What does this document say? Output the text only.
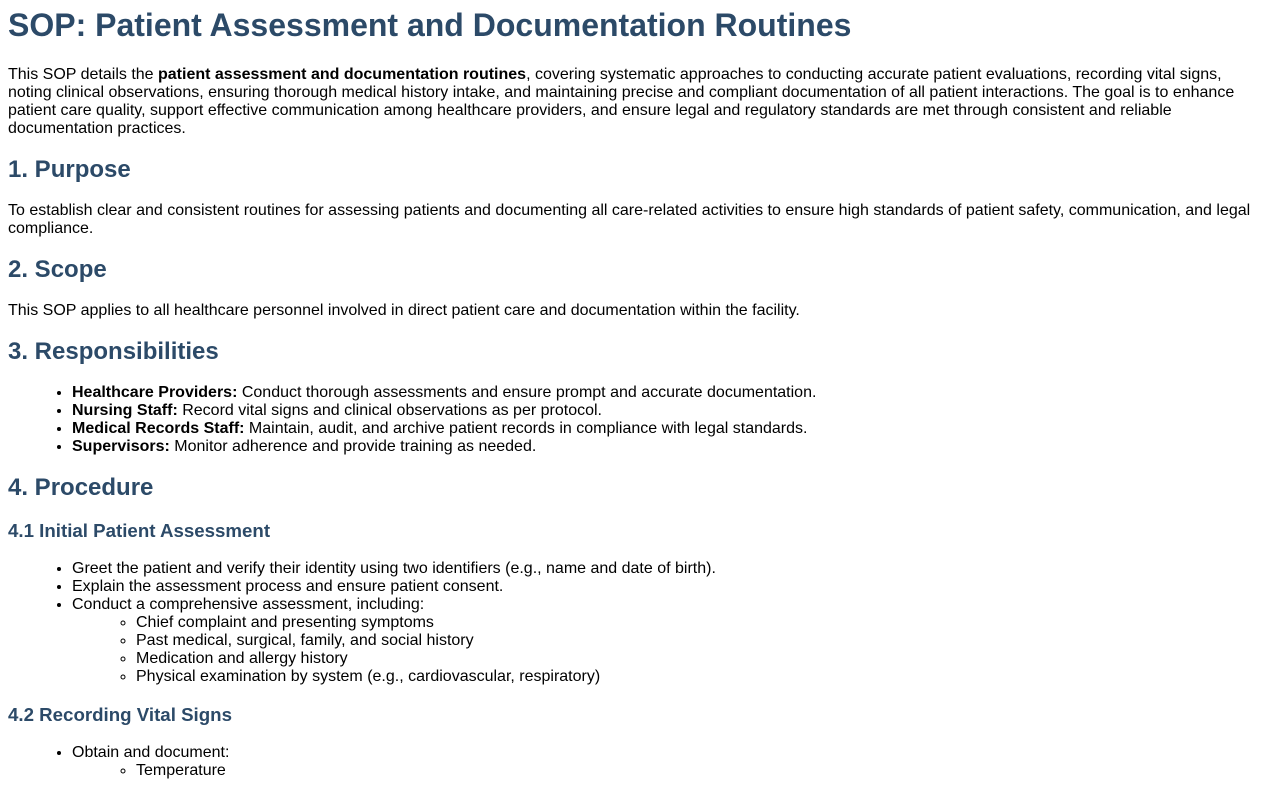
SOP: Patient Assessment and Documentation Routines

This SOP details the patient assessment and documentation routines, covering systematic approaches to conducting accurate patient evaluations, recording vital signs, noting clinical observations, ensuring thorough medical history intake, and maintaining precise and compliant documentation of all patient interactions. The goal is to enhance patient care quality, support effective communication among healthcare providers, and ensure legal and regulatory standards are met through consistent and reliable documentation practices.

1. Purpose

To establish clear and consistent routines for assessing patients and documenting all care-related activities to ensure high standards of patient safety, communication, and legal compliance.

2. Scope

This SOP applies to all healthcare personnel involved in direct patient care and documentation within the facility.

3. Responsibilities
• Healthcare Providers: Conduct thorough assessments and ensure prompt and accurate documentation.
• Nursing Staff: Record vital signs and clinical observations as per protocol.
• Medical Records Staff: Maintain, audit, and archive patient records in compliance with legal standards.
• Supervisors: Monitor adherence and provide training as needed.
4. Procedure
4.1 Initial Patient Assessment
• Greet the patient and verify their identity using two identifiers (e.g., name and date of birth).
• Explain the assessment process and ensure patient consent.
• Conduct a comprehensive assessment, including:
◦ Chief complaint and presenting symptoms
◦ Past medical, surgical, family, and social history
◦ Medication and allergy history
◦ Physical examination by system (e.g., cardiovascular, respiratory)
4.2 Recording Vital Signs
• Obtain and document:
◦ Temperature
